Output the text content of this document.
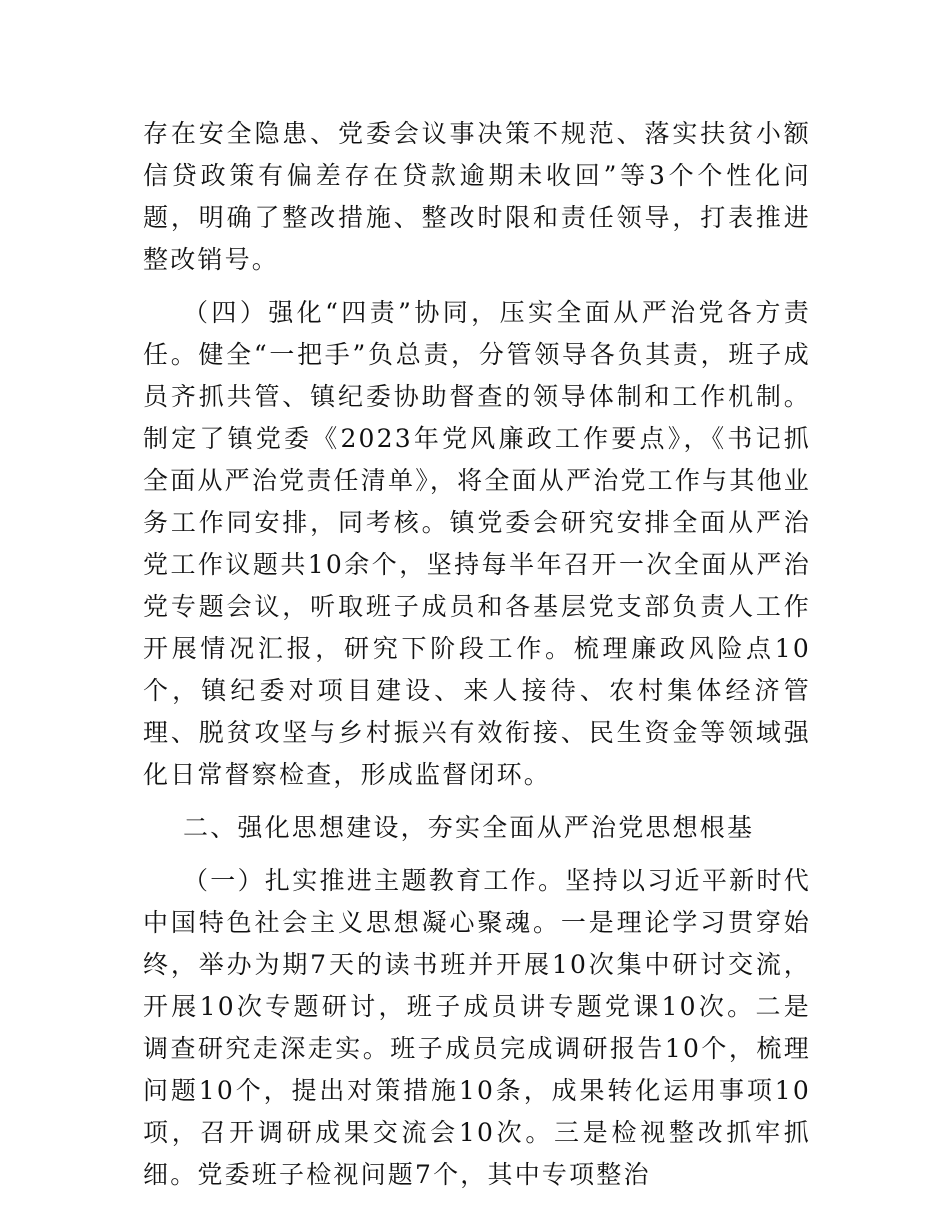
存在安全隐患、党委会议事决策不规范、落实扶贫小额信贷政策有偏差存在贷款逾期未收回”等3个个性化问题，明确了整改措施、整改时限和责任领导，打表推进整改销号。

（四）强化“四责”协同，压实全面从严治党各方责任。健全“一把手”负总责，分管领导各负其责，班子成员齐抓共管、镇纪委协助督查的领导体制和工作机制。制定了镇党委《2023年党风廉政工作要点》，《书记抓全面从严治党责任清单》，将全面从严治党工作与其他业务工作同安排，同考核。镇党委会研究安排全面从严治党工作议题共10余个，坚持每半年召开一次全面从严治党专题会议，听取班子成员和各基层党支部负责人工作开展情况汇报，研究下阶段工作。梳理廉政风险点10个，镇纪委对项目建设、来人接待、农村集体经济管理、脱贫攻坚与乡村振兴有效衔接、民生资金等领域强化日常督察检查，形成监督闭环。

二、强化思想建设，夯实全面从严治党思想根基

（一）扎实推进主题教育工作。坚持以习近平新时代中国特色社会主义思想凝心聚魂。一是理论学习贯穿始终，举办为期7天的读书班并开展10次集中研讨交流，开展10次专题研讨，班子成员讲专题党课10次。二是调查研究走深走实。班子成员完成调研报告10个，梳理问题10个，提出对策措施10条，成果转化运用事项10项，召开调研成果交流会10次。三是检视整改抓牢抓细。党委班子检视问题7个，其中专项整治
